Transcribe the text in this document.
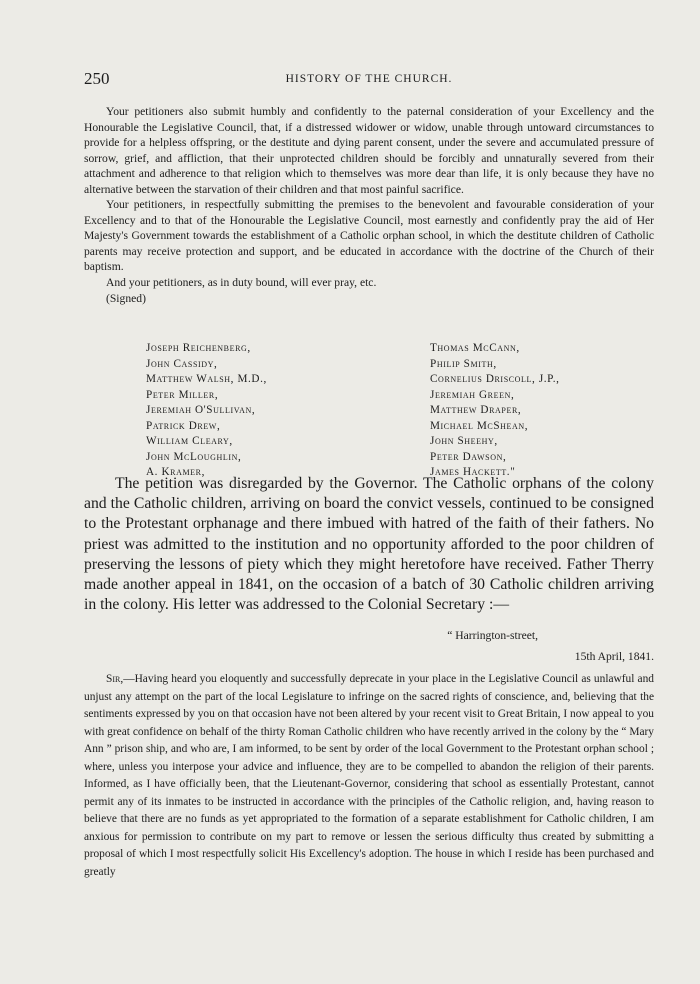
250	HISTORY OF THE CHURCH.

Your petitioners also submit humbly and confidently to the paternal consideration of your Excellency and the Honourable the Legislative Council, that, if a distressed widower or widow, unable through untoward circumstances to provide for a helpless offspring, or the destitute and dying parent consent, under the severe and accumulated pressure of sorrow, grief, and affliction, that their unprotected children should be forcibly and unnaturally severed from their attachment and adherence to that religion which to themselves was more dear than life, it is only because they have no alternative between the starvation of their children and that most painful sacrifice.

Your petitioners, in respectfully submitting the premises to the benevolent and favourable consideration of your Excellency and to that of the Honourable the Legislative Council, most earnestly and confidently pray the aid of Her Majesty's Government towards the establishment of a Catholic orphan school, in which the destitute children of Catholic parents may receive protection and support, and be educated in accordance with the doctrine of the Church of their baptism.

And your petitioners, as in duty bound, will ever pray, etc.

(Signed)

Joseph Reichenberg,
John Cassidy,
Matthew Walsh, M.D.,
Peter Miller,
Jeremiah O'Sullivan,
Patrick Drew,
William Cleary,
John McLoughlin,
A. Kramer,
Thomas McCann,
Philip Smith,
Cornelius Driscoll, J.P.,
Jeremiah Green,
Matthew Draper,
Michael McShean,
John Sheehy,
Peter Dawson,
James Hackett."

The petition was disregarded by the Governor. The Catholic orphans of the colony and the Catholic children, arriving on board the convict vessels, continued to be consigned to the Protestant orphanage and there imbued with hatred of the faith of their fathers. No priest was admitted to the institution and no opportunity afforded to the poor children of preserving the lessons of piety which they might heretofore have received. Father Therry made another appeal in 1841, on the occasion of a batch of 30 Catholic children arriving in the colony. His letter was addressed to the Colonial Secretary :—

“ Harrington-street,
15th April, 1841.

Sir,—Having heard you eloquently and successfully deprecate in your place in the Legislative Council as unlawful and unjust any attempt on the part of the local Legislature to infringe on the sacred rights of conscience, and, believing that the sentiments expressed by you on that occasion have not been altered by your recent visit to Great Britain, I now appeal to you with great confidence on behalf of the thirty Roman Catholic children who have recently arrived in the colony by the “ Mary Ann ” prison ship, and who are, I am informed, to be sent by order of the local Government to the Protestant orphan school ; where, unless you interpose your advice and influence, they are to be compelled to abandon the religion of their parents. Informed, as I have officially been, that the Lieutenant-Governor, considering that school as essentially Protestant, cannot permit any of its inmates to be instructed in accordance with the principles of the Catholic religion, and, having reason to believe that there are no funds as yet appropriated to the formation of a separate establishment for Catholic children, I am anxious for permission to contribute on my part to remove or lessen the serious difficulty thus created by submitting a proposal of which I most respectfully solicit His Excellency's adoption. The house in which I reside has been purchased and greatly
